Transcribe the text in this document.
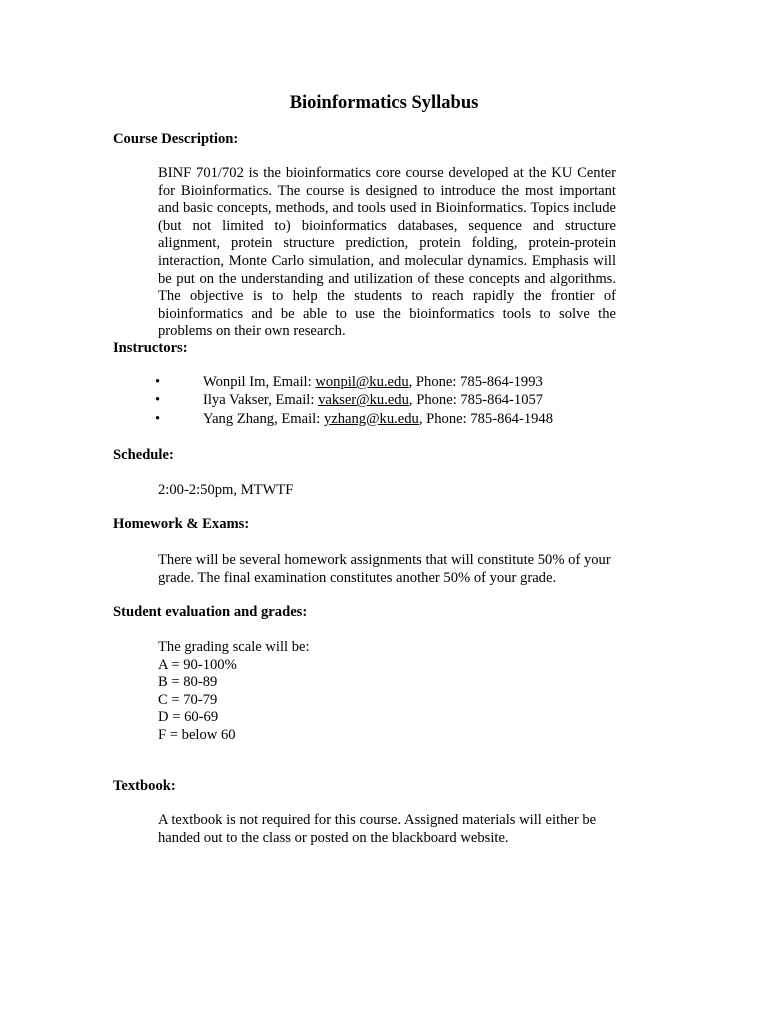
Bioinformatics Syllabus
Course Description:
BINF 701/702 is the bioinformatics core course developed at the KU Center for Bioinformatics. The course is designed to introduce the most important and basic concepts, methods, and tools used in Bioinformatics. Topics include (but not limited to) bioinformatics databases, sequence and structure alignment, protein structure prediction, protein folding, protein-protein interaction, Monte Carlo simulation, and molecular dynamics. Emphasis will be put on the understanding and utilization of these concepts and algorithms. The objective is to help the students to reach rapidly the frontier of bioinformatics and be able to use the bioinformatics tools to solve the problems on their own research.
Instructors:
•	Wonpil Im, Email: wonpil@ku.edu, Phone: 785-864-1993
•	Ilya Vakser, Email: vakser@ku.edu, Phone: 785-864-1057
•	Yang Zhang, Email: yzhang@ku.edu, Phone: 785-864-1948
Schedule:
2:00-2:50pm, MTWTF
Homework & Exams:
There will be several homework assignments that will constitute 50% of your grade. The final examination constitutes another 50% of your grade.
Student evaluation and grades:
The grading scale will be:
A = 90-100%
B = 80-89
C = 70-79
D = 60-69
F = below 60
Textbook:
A textbook is not required for this course. Assigned materials will either be handed out to the class or posted on the blackboard website.
